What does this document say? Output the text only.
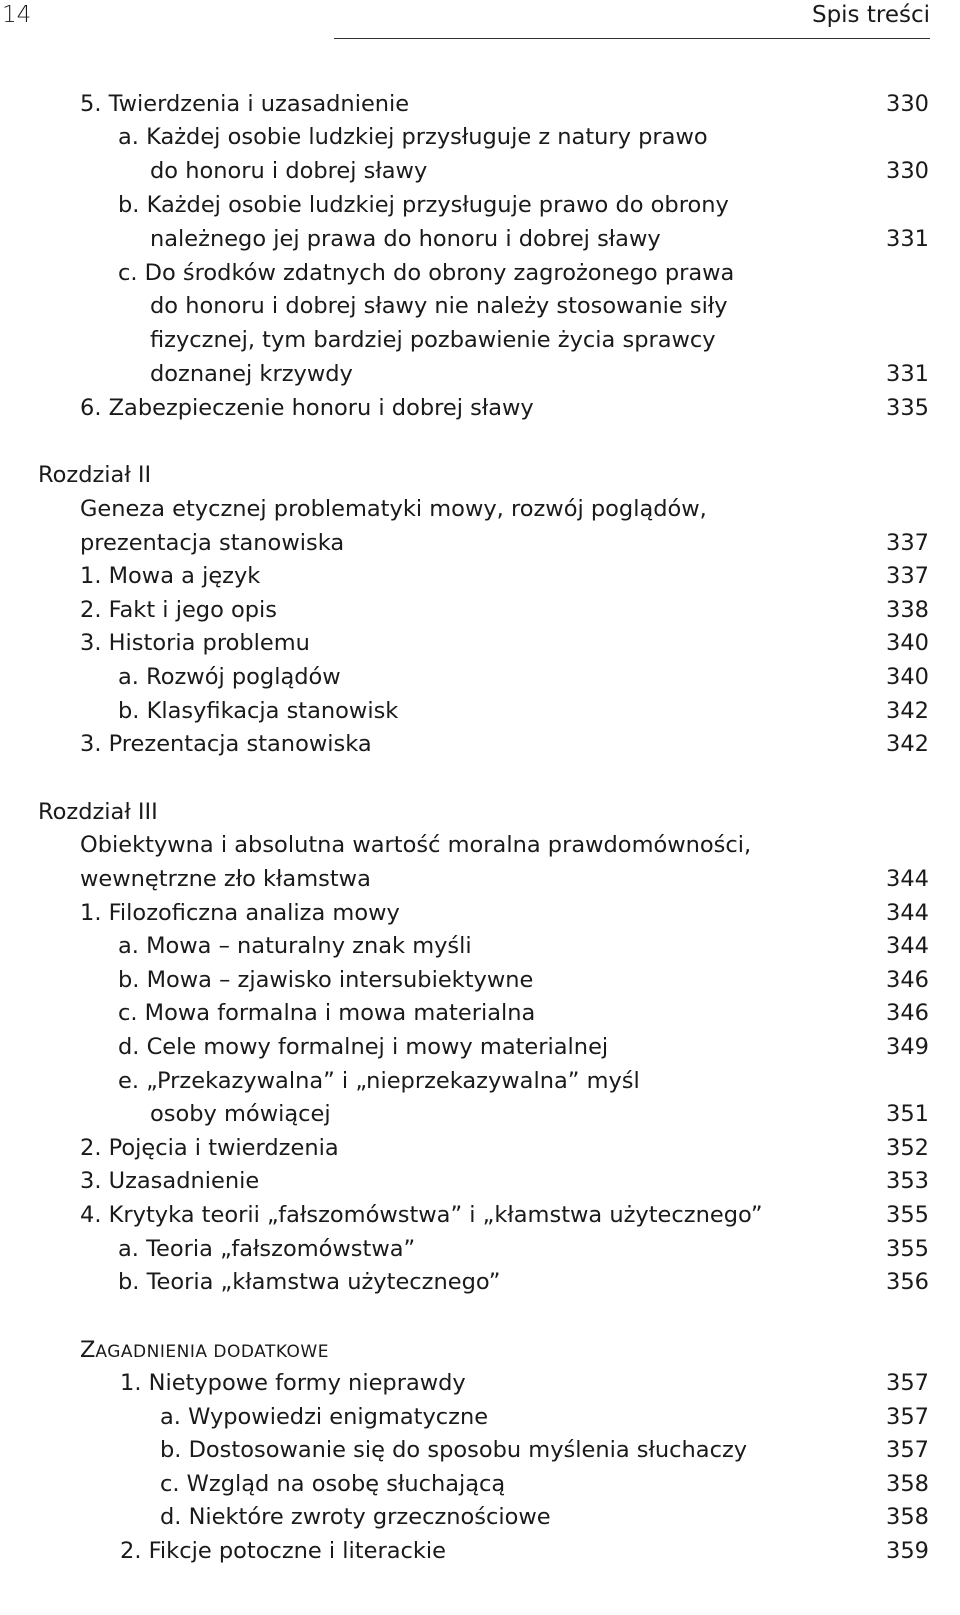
14	Spis treści
5. Twierdzenia i uzasadnienie	330
a. Każdej osobie ludzkiej przysługuje z natury prawo
do honoru i dobrej sławy	330
b. Każdej osobie ludzkiej przysługuje prawo do obrony
należnego jej prawa do honoru i dobrej sławy	331
c. Do środków zdatnych do obrony zagrożonego prawa
do honoru i dobrej sławy nie należy stosowanie siły
fizycznej, tym bardziej pozbawienie życia sprawcy
doznanej krzywdy	331
6. Zabezpieczenie honoru i dobrej sławy	335
Rozdział II
Geneza etycznej problematyki mowy, rozwój poglądów,
prezentacja stanowiska	337
1. Mowa a język	337
2. Fakt i jego opis	338
3. Historia problemu	340
a. Rozwój poglądów	340
b. Klasyfikacja stanowisk	342
3. Prezentacja stanowiska	342
Rozdział III
Obiektywna i absolutna wartość moralna prawdomówności,
wewnętrzne zło kłamstwa	344
1. Filozoficzna analiza mowy	344
a. Mowa – naturalny znak myśli	344
b. Mowa – zjawisko intersubiektywne	346
c. Mowa formalna i mowa materialna	346
d. Cele mowy formalnej i mowy materialnej	349
e. „Przekazywalna” i „nieprzekazywalna” myśl
osoby mówiącej	351
2. Pojęcia i twierdzenia	352
3. Uzasadnienie	353
4. Krytyka teorii „fałszomówstwa” i „kłamstwa użytecznego”	355
a. Teoria „fałszomówstwa”	355
b. Teoria „kłamstwa użytecznego”	356
ZAGADNIENIA DODATKOWE
1. Nietypowe formy nieprawdy	357
a. Wypowiedzi enigmatyczne	357
b. Dostosowanie się do sposobu myślenia słuchaczy	357
c. Wzgląd na osobę słuchającą	358
d. Niektóre zwroty grzecznościowe	358
2. Fikcje potoczne i literackie	359
